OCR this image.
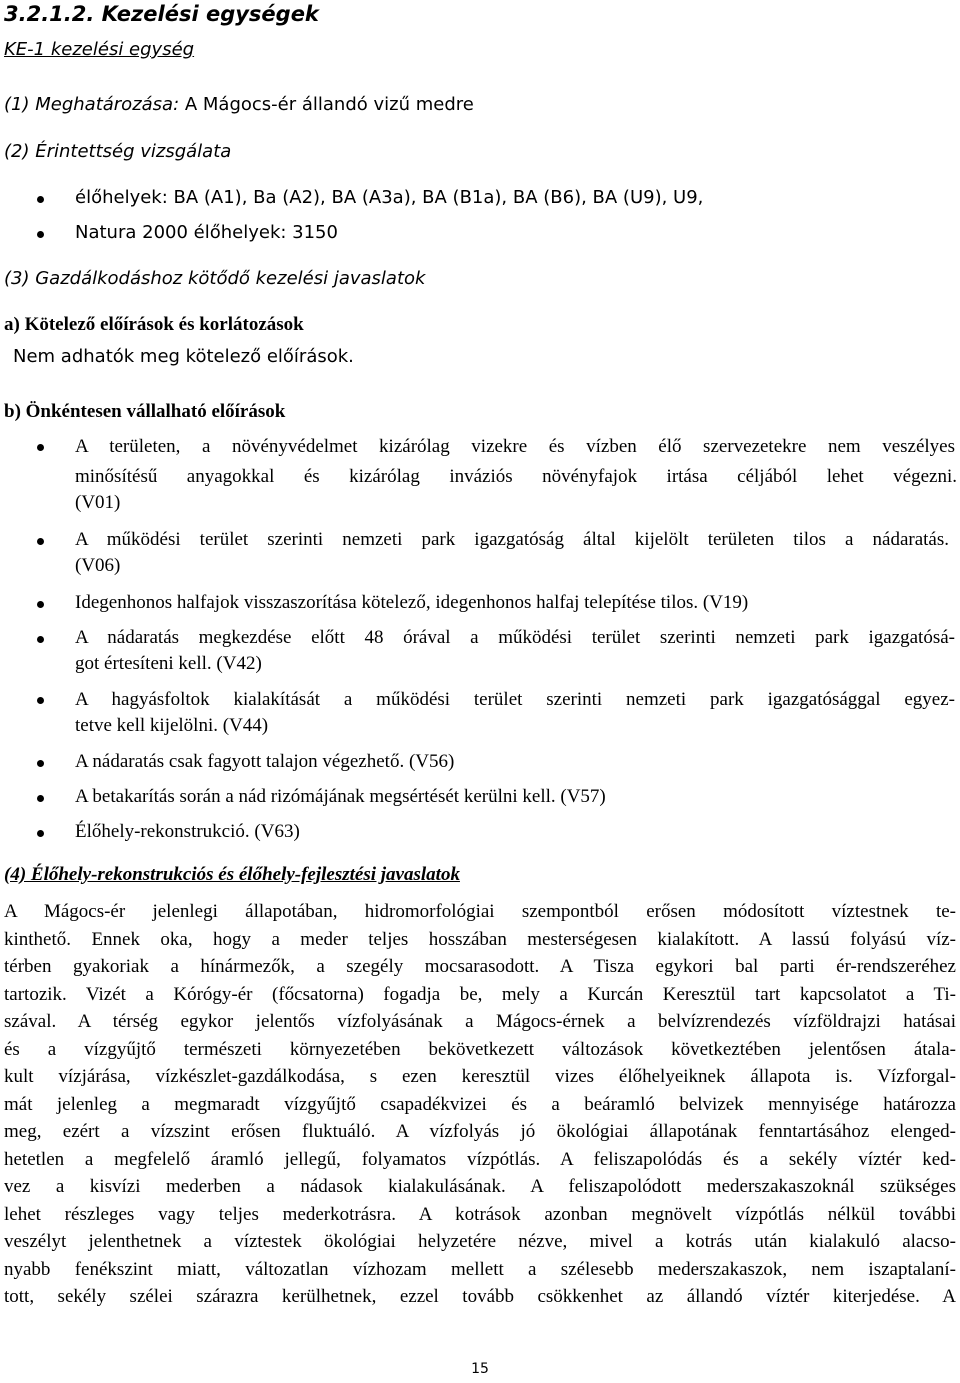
3.2.1.2. Kezelési egységek
KE-1 kezelési egység
(1) Meghatározása: A Mágocs-ér állandó vizű medre
(2) Érintettség vizsgálata
élőhelyek: BA (A1), Ba (A2), BA (A3a), BA (B1a), BA (B6), BA (U9), U9,
Natura 2000 élőhelyek: 3150
(3) Gazdálkodáshoz kötődő kezelési javaslatok
a) Kötelező előírások és korlátozások
Nem adhatók meg kötelező előírások.
b) Önkéntesen vállalható előírások
A területen, a növényvédelmet kizárólag vizekre és vízben élő szervezetekre nem veszélyes
minősítésű anyagokkal és kizárólag inváziós növényfajok irtása céljából lehet végezni.
(V01)
A működési terület szerinti nemzeti park igazgatóság által kijelölt területen tilos a nádaratás.
(V06)
Idegenhonos halfajok visszaszorítása kötelező, idegenhonos halfaj telepítése tilos. (V19)
A nádaratás megkezdése előtt 48 órával a működési terület szerinti nemzeti park igazgatósá-
got értesíteni kell. (V42)
A hagyásfoltok kialakítását a működési terület szerinti nemzeti park igazgatósággal egyez-
tetve kell kijelölni. (V44)
A nádaratás csak fagyott talajon végezhető. (V56)
A betakarítás során a nád rizómájának megsértését kerülni kell. (V57)
Élőhely-rekonstrukció. (V63)
(4) Élőhely-rekonstrukciós és élőhely-fejlesztési javaslatok
A Mágocs-ér jelenlegi állapotában, hidromorfológiai szempontból erősen módosított víztestnek te-
kinthető. Ennek oka, hogy a meder teljes hosszában mesterségesen kialakított. A lassú folyású víz-
térben gyakoriak a hínármezők, a szegély mocsarasodott. A Tisza egykori bal parti ér-rendszeréhez
tartozik. Vizét a Kórógy-ér (főcsatorna) fogadja be, mely a Kurcán Keresztül tart kapcsolatot a Ti-
szával. A térség egykor jelentős vízfolyásának a Mágocs-érnek a belvízrendezés vízföldrajzi hatásai
és a vízgyűjtő természeti környezetében bekövetkezett változások következtében jelentősen átala-
kult vízjárása, vízkészlet-gazdálkodása, s ezen keresztül vizes élőhelyeiknek állapota is. Vízforgal-
mát jelenleg a megmaradt vízgyűjtő csapadékvizei és a beáramló belvizek mennyisége határozza
meg, ezért a vízszint erősen fluktuáló. A vízfolyás jó ökológiai állapotának fenntartásához elenged-
hetetlen a megfelelő áramló jellegű, folyamatos vízpótlás. A feliszapolódás és a sekély víztér ked-
vez a kisvízi mederben a nádasok kialakulásának. A feliszapolódott mederszakaszoknál szükséges
lehet részleges vagy teljes mederkotrásra. A kotrások azonban megnövelt vízpótlás nélkül további
veszélyt jelenthetnek a víztestek ökológiai helyzetére nézve, mivel a kotrás után kialakuló alacso-
nyabb fenékszint miatt, változatlan vízhozam mellett a szélesebb mederszakaszok, nem iszaptalaní-
tott, sekély szélei szárazra kerülhetnek, ezzel tovább csökkenhet az állandó víztér kiterjedése. A
15
